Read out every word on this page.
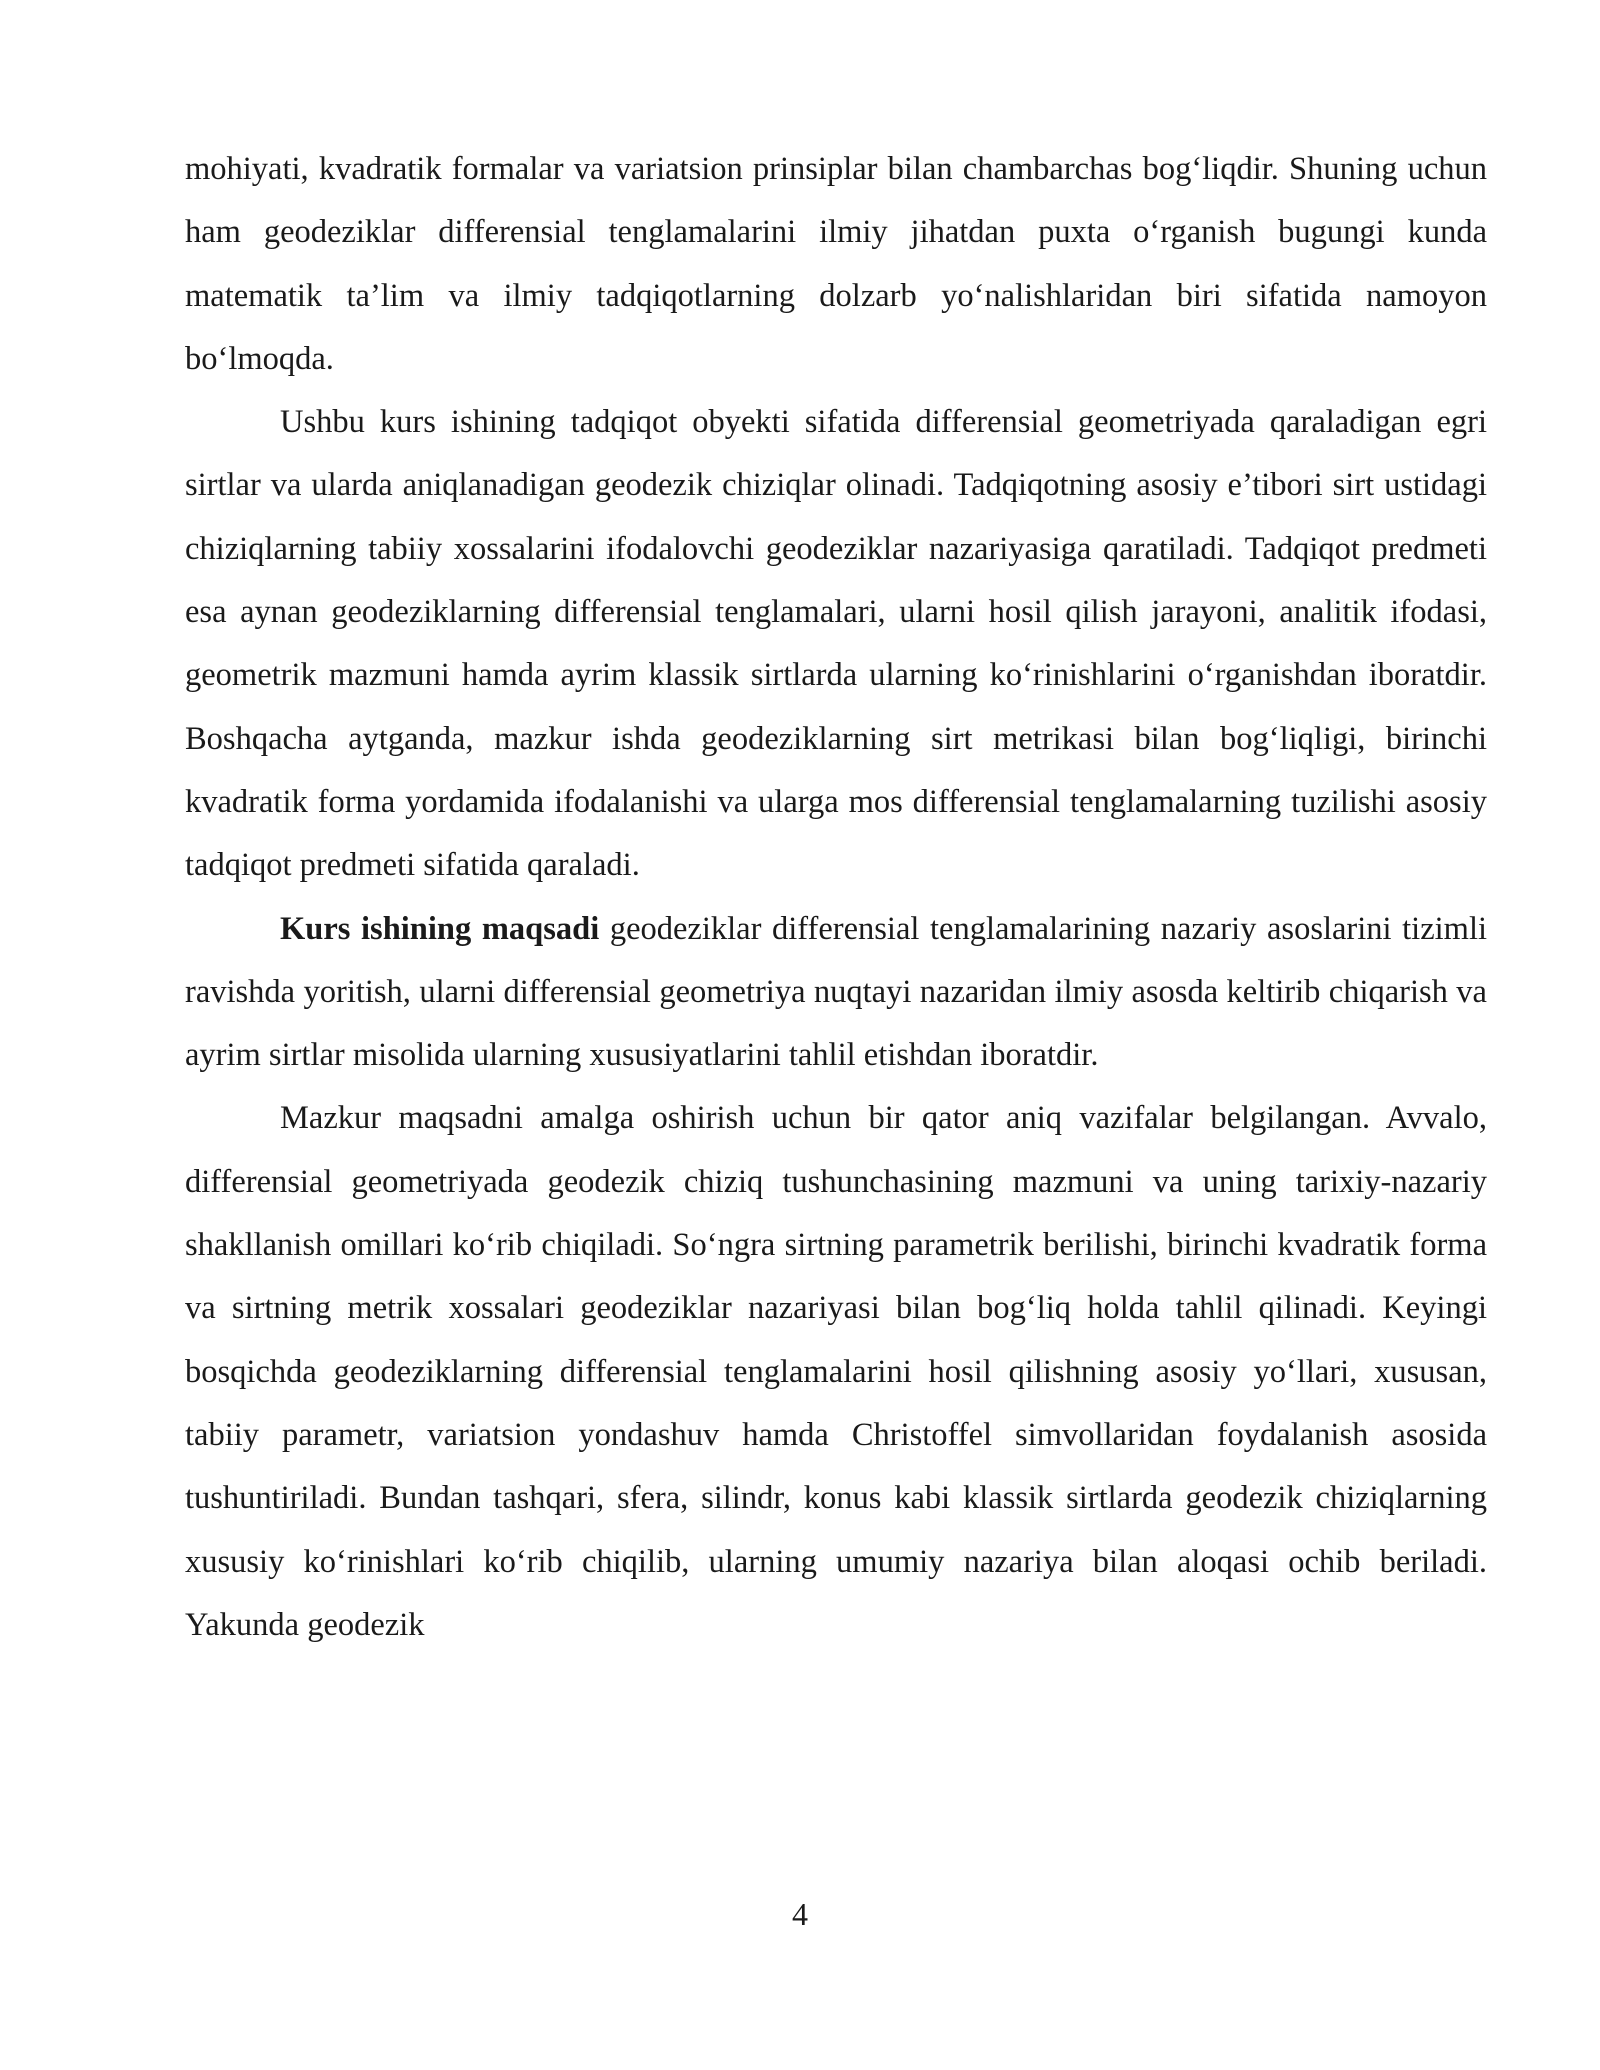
mohiyati, kvadratik formalar va variatsion prinsiplar bilan chambarchas bog‘liqdir. Shuning uchun ham geodeziklar differensial tenglamalarini ilmiy jihatdan puxta o‘rganish bugungi kunda matematik ta’lim va ilmiy tadqiqotlarning dolzarb yo‘nalishlaridan biri sifatida namoyon bo‘lmoqda.

Ushbu kurs ishining tadqiqot obyekti sifatida differensial geometriyada qaraladigan egri sirtlar va ularda aniqlanadigan geodezik chiziqlar olinadi. Tadqiqotning asosiy e’tibori sirt ustidagi chiziqlarning tabiiy xossalarini ifodalovchi geodeziklar nazariyasiga qaratiladi. Tadqiqot predmeti esa aynan geodeziklarning differensial tenglamalari, ularni hosil qilish jarayoni, analitik ifodasi, geometrik mazmuni hamda ayrim klassik sirtlarda ularning ko‘rinishlarini o‘rganishdan iboratdir. Boshqacha aytganda, mazkur ishda geodeziklarning sirt metrikasi bilan bog‘liqligi, birinchi kvadratik forma yordamida ifodalanishi va ularga mos differensial tenglamalarning tuzilishi asosiy tadqiqot predmeti sifatida qaraladi.

Kurs ishining maqsadi geodeziklar differensial tenglamalarining nazariy asoslarini tizimli ravishda yoritish, ularni differensial geometriya nuqtayi nazaridan ilmiy asosda keltirib chiqarish va ayrim sirtlar misolida ularning xususiyatlarini tahlil etishdan iboratdir.

Mazkur maqsadni amalga oshirish uchun bir qator aniq vazifalar belgilangan. Avvalo, differensial geometriyada geodezik chiziq tushunchasining mazmuni va uning tarixiy-nazariy shakllanish omillari ko‘rib chiqiladi. So‘ngra sirtning parametrik berilishi, birinchi kvadratik forma va sirtning metrik xossalari geodeziklar nazariyasi bilan bog‘liq holda tahlil qilinadi. Keyingi bosqichda geodeziklarning differensial tenglamalarini hosil qilishning asosiy yo‘llari, xususan, tabiiy parametr, variatsion yondashuv hamda Christoffel simvollaridan foydalanish asosida tushuntiriladi. Bundan tashqari, sfera, silindr, konus kabi klassik sirtlarda geodezik chiziqlarning xususiy ko‘rinishlari ko‘rib chiqilib, ularning umumiy nazariya bilan aloqasi ochib beriladi. Yakunda geodezik

4
